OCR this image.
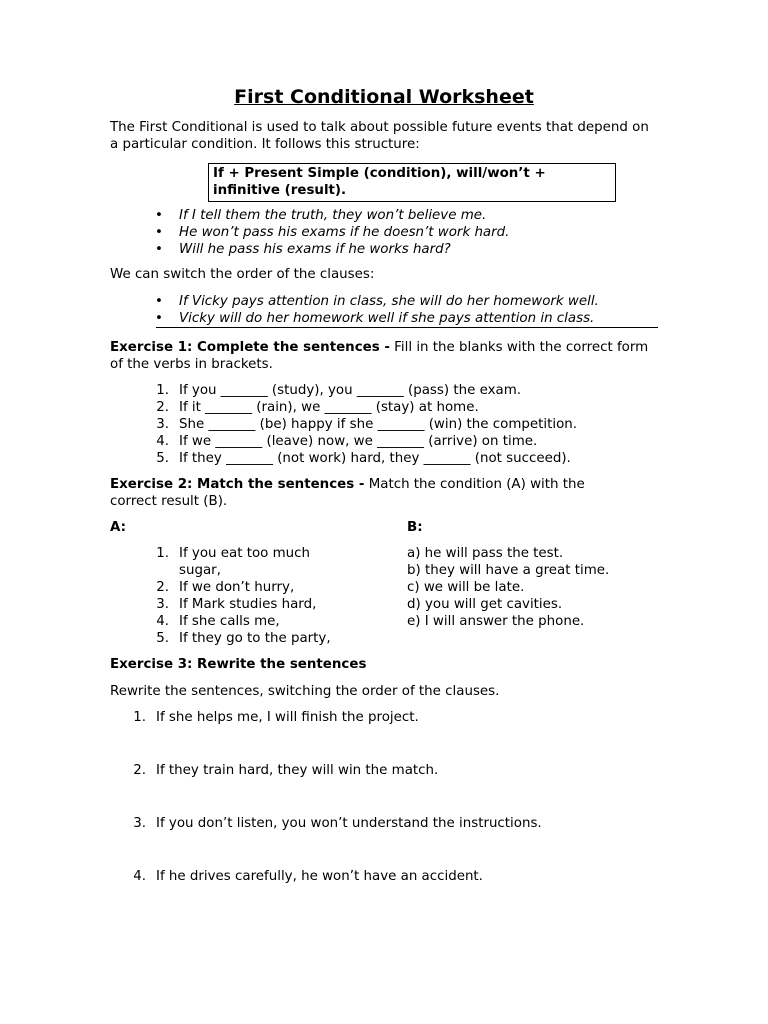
First Conditional Worksheet

The First Conditional is used to talk about possible future events that depend on a particular condition. It follows this structure:

If + Present Simple (condition), will/won’t + infinitive (result).
• If I tell them the truth, they won’t believe me.
• He won’t pass his exams if he doesn’t work hard.
• Will he pass his exams if he works hard?

We can switch the order of the clauses:

• If Vicky pays attention in class, she will do her homework well.
• Vicky will do her homework well if she pays attention in class.

Exercise 1: Complete the sentences - Fill in the blanks with the correct form of the verbs in brackets.

1. If you _______ (study), you _______ (pass) the exam.
2. If it _______ (rain), we _______ (stay) at home.
3. She _______ (be) happy if she _______ (win) the competition.
4. If we _______ (leave) now, we _______ (arrive) on time.
5. If they _______ (not work) hard, they _______ (not succeed).

Exercise 2: Match the sentences - Match the condition (A) with the correct result (B).

A:	B:

1. If you eat too much
sugar,
2. If we don’t hurry,
3. If Mark studies hard,
4. If she calls me,
5. If they go to the party,
a) he will pass the test.
b) they will have a great time.
c) we will be late.
d) you will get cavities.
e) I will answer the phone.

Exercise 3: Rewrite the sentences

Rewrite the sentences, switching the order of the clauses.

1. If she helps me, I will finish the project.
2. If they train hard, they will win the match.
3. If you don’t listen, you won’t understand the instructions.
4. If he drives carefully, he won’t have an accident.
